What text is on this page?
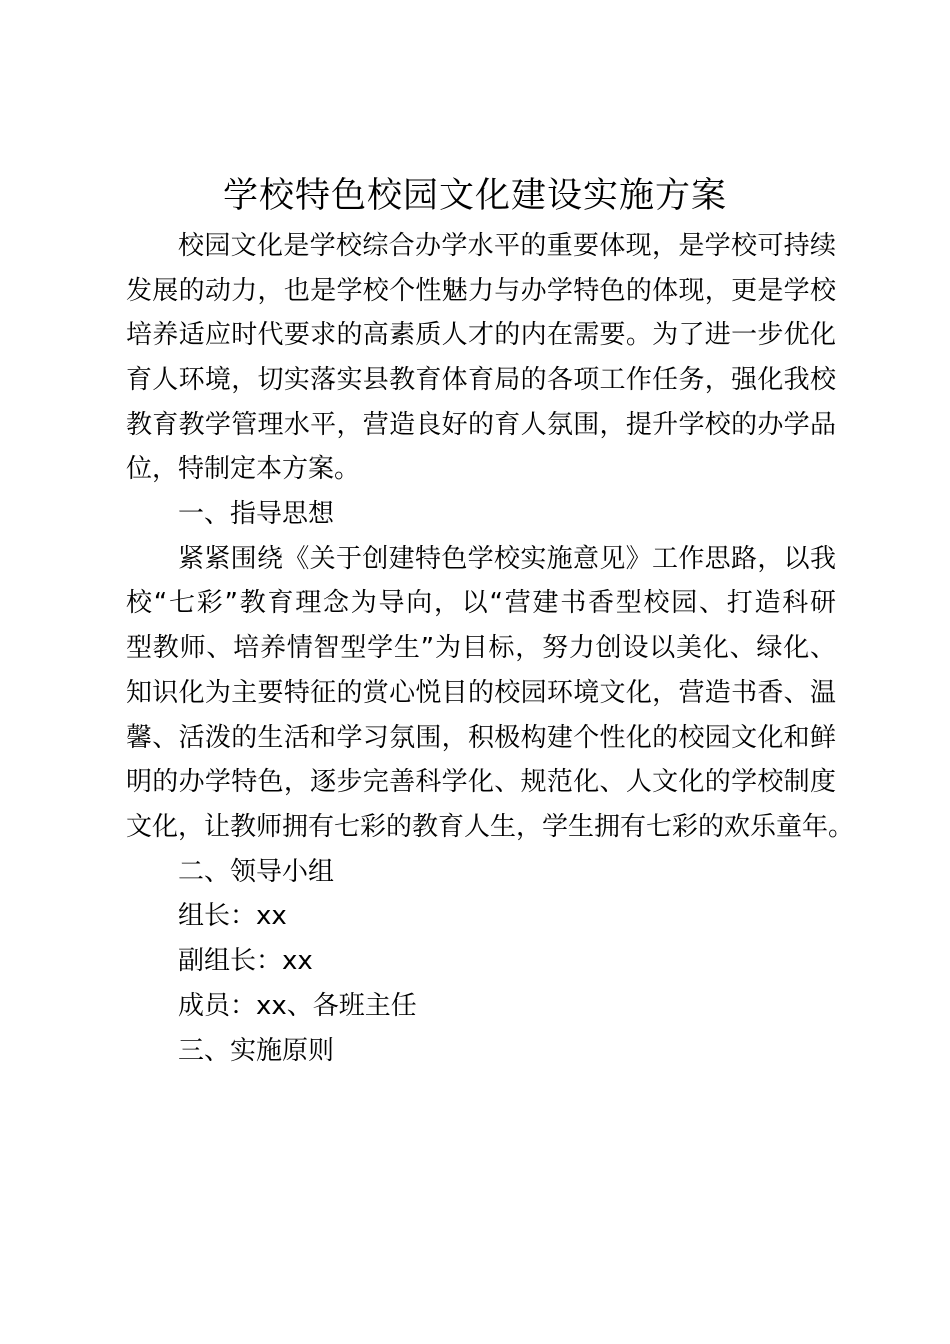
学校特色校园文化建设实施方案
校园文化是学校综合办学水平的重要体现，是学校可持续
发展的动力，也是学校个性魅力与办学特色的体现，更是学校
培养适应时代要求的高素质人才的内在需要。为了进一步优化
育人环境，切实落实县教育体育局的各项工作任务，强化我校
教育教学管理水平，营造良好的育人氛围，提升学校的办学品
位，特制定本方案。
一、指导思想
紧紧围绕《关于创建特色学校实施意见》工作思路，以我
校“七彩”教育理念为导向，以“营建书香型校园、打造科研
型教师、培养情智型学生”为目标，努力创设以美化、绿化、
知识化为主要特征的赏心悦目的校园环境文化，营造书香、温
馨、活泼的生活和学习氛围，积极构建个性化的校园文化和鲜
明的办学特色，逐步完善科学化、规范化、人文化的学校制度
文化，让教师拥有七彩的教育人生，学生拥有七彩的欢乐童年。
二、领导小组
组长：xx
副组长：xx
成员：xx、各班主任
三、实施原则
